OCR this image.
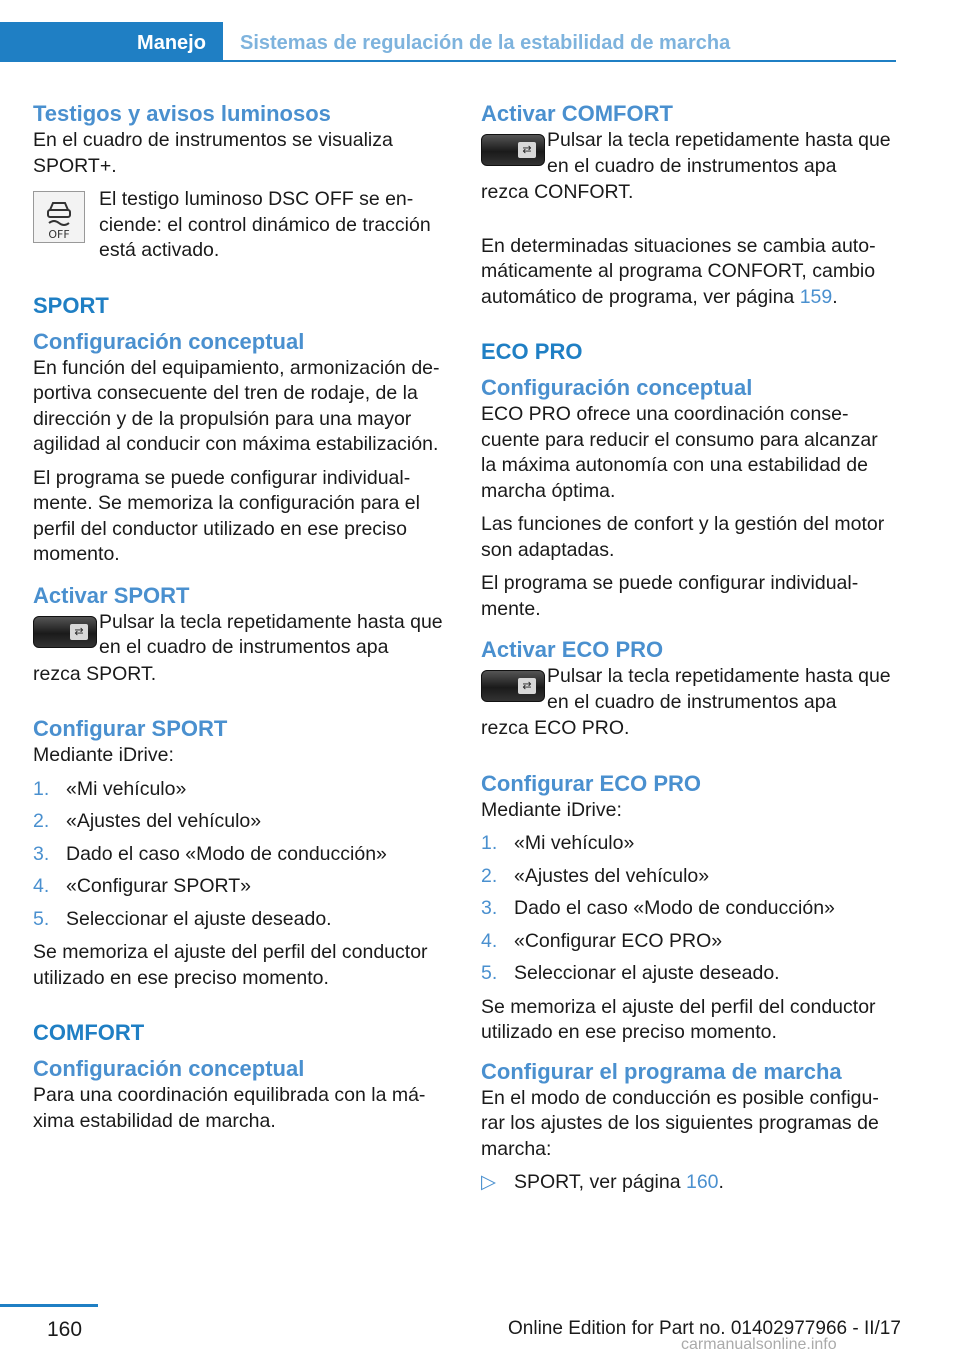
Manejo	Sistemas de regulación de la estabilidad de marcha
Testigos y avisos luminosos

En el cuadro de instrumentos se visualiza SPORT+.

OFF

El testigo luminoso DSC OFF se enciende: el control dinámico de tracción está activado.

SPORT
Configuración conceptual

En función del equipamiento, armonización deportiva consecuente del tren de rodaje, de la dirección y de la propulsión para una mayor agilidad al conducir con máxima estabilización.

El programa se puede configurar individualmente. Se memoriza la configuración para el perfil del conductor utilizado en ese preciso momento.

Activar SPORT
⇄ Pulsar la tecla repetidamente hasta que en el cuadro de instrumentos apa

rezca SPORT.

Configurar SPORT

Mediante iDrive:

1. «Mi vehículo»
2. «Ajustes del vehículo»
3. Dado el caso «Modo de conducción»
4. «Configurar SPORT»
5. Seleccionar el ajuste deseado.

Se memoriza el ajuste del perfil del conductor utilizado en ese preciso momento.

COMFORT
Configuración conceptual

Para una coordinación equilibrada con la máxima estabilidad de marcha.

Activar COMFORT
⇄ Pulsar la tecla repetidamente hasta que en el cuadro de instrumentos apa

rezca CONFORT.

En determinadas situaciones se cambia automáticamente al programa CONFORT, cambio automático de programa, ver página 159.

ECO PRO
Configuración conceptual

ECO PRO ofrece una coordinación consecuente para reducir el consumo para alcanzar la máxima autonomía con una estabilidad de marcha óptima.

Las funciones de confort y la gestión del motor son adaptadas.

El programa se puede configurar individualmente.

Activar ECO PRO
⇄ Pulsar la tecla repetidamente hasta que en el cuadro de instrumentos apa

rezca ECO PRO.

Configurar ECO PRO

Mediante iDrive:

1. «Mi vehículo»
2. «Ajustes del vehículo»
3. Dado el caso «Modo de conducción»
4. «Configurar ECO PRO»
5. Seleccionar el ajuste deseado.

Se memoriza el ajuste del perfil del conductor utilizado en ese preciso momento.

Configurar el programa de marcha

En el modo de conducción es posible configurar los ajustes de los siguientes programas de marcha:

▷ SPORT, ver página 160.
160	Online Edition for Part no. 01402977966 - II/17
carmanualsonline.info
